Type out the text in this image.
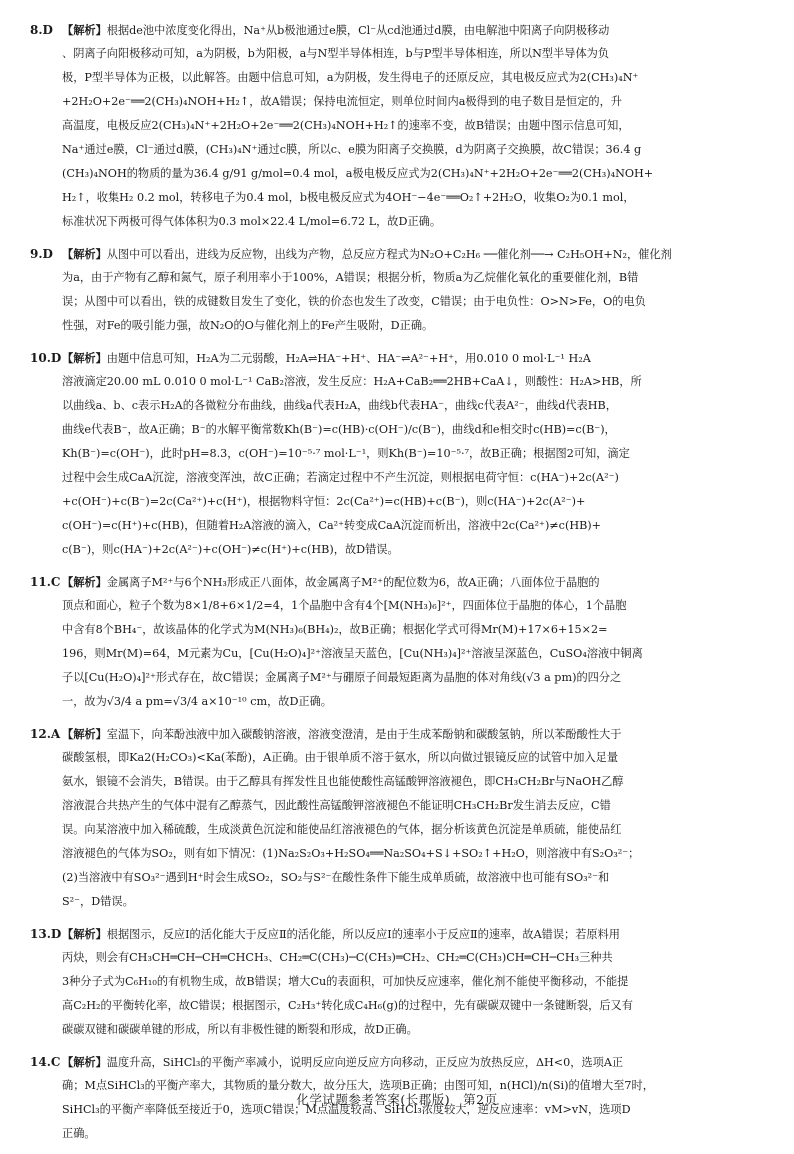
8.D 【解析】根据de池中浓度变化得出，Na⁺从b极池通过e膜，Cl⁻从cd池通过d膜，由电解池中阳离子向阴极移动
、阴离子向阳极移动可知，a为阴极，b为阳极，a与N型半导体相连，b与P型半导体相连，所以N型半导体为负
极，P型半导体为正极，以此解答。由题中信息可知，a为阴极，发生得电子的还原反应，其电极反应式为2(CH₃)₄N⁺
+2H₂O+2e⁻══2(CH₃)₄NOH+H₂↑，故A错误；保持电流恒定，则单位时间内a极得到的电子数目是恒定的，升
高温度，电极反应2(CH₃)₄N⁺+2H₂O+2e⁻══2(CH₃)₄NOH+H₂↑的速率不变，故B错误；由题中图示信息可知，
Na⁺通过e膜，Cl⁻通过d膜，(CH₃)₄N⁺通过c膜，所以c、e膜为阳离子交换膜，d为阴离子交换膜，故C错误；36.4 g
(CH₃)₄NOH的物质的量为36.4 g/91 g/mol=0.4 mol，a极电极反应式为2(CH₃)₄N⁺+2H₂O+2e⁻══2(CH₃)₄NOH+
H₂↑，收集H₂ 0.2 mol，转移电子为0.4 mol，b极电极反应式为4OH⁻−4e⁻══O₂↑+2H₂O，收集O₂为0.1 mol，
标准状况下两极可得气体体积为0.3 mol×22.4 L/mol=6.72 L，故D正确。
9.D 【解析】从图中可以看出，进线为反应物，出线为产物，总反应方程式为N₂O+C₂H₆ ──催化剂──→ C₂H₅OH+N₂，催化剂
为a，由于产物有乙醇和氮气，原子利用率小于100%，A错误；根据分析，物质a为乙烷催化氧化的重要催化剂，B错
误；从图中可以看出，铁的成键数目发生了变化，铁的价态也发生了改变，C错误；由于电负性：O>N>Fe，O的电负
性强，对Fe的吸引能力强，故N₂O的O与催化剂上的Fe产生吸附，D正确。
10.D【解析】由题中信息可知，H₂A为二元弱酸，H₂A⇌HA⁻+H⁺、HA⁻⇌A²⁻+H⁺，用0.010 0 mol·L⁻¹ H₂A
溶液滴定20.00 mL 0.010 0 mol·L⁻¹ CaB₂溶液，发生反应：H₂A+CaB₂══2HB+CaA↓，则酸性：H₂A>HB，所
以曲线a、b、c表示H₂A的各微粒分布曲线，曲线a代表H₂A，曲线b代表HA⁻，曲线c代表A²⁻，曲线d代表HB，
曲线e代表B⁻，故A正确；B⁻的水解平衡常数Kh(B⁻)=c(HB)·c(OH⁻)/c(B⁻)，曲线d和e相交时c(HB)=c(B⁻)，
Kh(B⁻)=c(OH⁻)，此时pH=8.3，c(OH⁻)=10⁻⁵·⁷ mol·L⁻¹，则Kh(B⁻)=10⁻⁵·⁷，故B正确；根据图2可知，滴定
过程中会生成CaA沉淀，溶液变浑浊，故C正确；若滴定过程中不产生沉淀，则根据电荷守恒：c(HA⁻)+2c(A²⁻)
+c(OH⁻)+c(B⁻)=2c(Ca²⁺)+c(H⁺)，根据物料守恒：2c(Ca²⁺)=c(HB)+c(B⁻)，则c(HA⁻)+2c(A²⁻)+
c(OH⁻)=c(H⁺)+c(HB)，但随着H₂A溶液的滴入，Ca²⁺转变成CaA沉淀而析出，溶液中2c(Ca²⁺)≠c(HB)+
c(B⁻)，则c(HA⁻)+2c(A²⁻)+c(OH⁻)≠c(H⁺)+c(HB)，故D错误。
11.C 【解析】金属离子M²⁺与6个NH₃形成正八面体，故金属离子M²⁺的配位数为6，故A正确；八面体位于晶胞的
顶点和面心，粒子个数为8×1/8+6×1/2=4，1个晶胞中含有4个[M(NH₃)₆]²⁺，四面体位于晶胞的体心，1个晶胞
中含有8个BH₄⁻，故该晶体的化学式为M(NH₃)₆(BH₄)₂，故B正确；根据化学式可得Mr(M)+17×6+15×2=
196，则Mr(M)=64，M元素为Cu，[Cu(H₂O)₄]²⁺溶液呈天蓝色，[Cu(NH₃)₄]²⁺溶液呈深蓝色，CuSO₄溶液中铜离
子以[Cu(H₂O)₄]²⁺形式存在，故C错误；金属离子M²⁺与硼原子间最短距离为晶胞的体对角线(√3 a pm)的四分之
一，故为√3/4 a pm=√3/4 a×10⁻¹⁰ cm，故D正确。
12.A 【解析】室温下，向苯酚浊液中加入碳酸钠溶液，溶液变澄清，是由于生成苯酚钠和碳酸氢钠，所以苯酚酸性大于
碳酸氢根，即Ka2(H₂CO₃)<Ka(苯酚)，A正确。由于银单质不溶于氨水，所以向做过银镜反应的试管中加入足量
氨水，银镜不会消失，B错误。由于乙醇具有挥发性且也能使酸性高锰酸钾溶液褪色，即CH₃CH₂Br与NaOH乙醇
溶液混合共热产生的气体中混有乙醇蒸气，因此酸性高锰酸钾溶液褪色不能证明CH₃CH₂Br发生消去反应，C错
误。向某溶液中加入稀硫酸，生成淡黄色沉淀和能使品红溶液褪色的气体，据分析该黄色沉淀是单质硫，能使品红
溶液褪色的气体为SO₂，则有如下情况：(1)Na₂S₂O₃+H₂SO₄══Na₂SO₄+S↓+SO₂↑+H₂O，则溶液中有S₂O₃²⁻；
(2)当溶液中有SO₃²⁻遇到H⁺时会生成SO₂，SO₂与S²⁻在酸性条件下能生成单质硫，故溶液中也可能有SO₃²⁻和
S²⁻，D错误。
13.D【解析】根据图示，反应Ⅰ的活化能大于反应Ⅱ的活化能，所以反应Ⅰ的速率小于反应Ⅱ的速率，故A错误；若原料用
丙炔，则会有CH₃CH═CH─CH═CHCH₃、CH₂═C(CH₃)─C(CH₃)═CH₂、CH₂═C(CH₃)CH═CH─CH₃三种共
3种分子式为C₆H₁₀的有机物生成，故B错误；增大Cu的表面积，可加快反应速率，催化剂不能使平衡移动，不能提
高C₂H₂的平衡转化率，故C错误；根据图示，C₂H₃⁺转化成C₄H₆(g)的过程中，先有碳碳双键中一条键断裂，后又有
碳碳双键和碳碳单键的形成，所以有非极性键的断裂和形成，故D正确。
14.C 【解析】温度升高，SiHCl₃的平衡产率减小，说明反应向逆反应方向移动，正反应为放热反应，ΔH<0，选项A正
确；M点SiHCl₃的平衡产率大，其物质的量分数大，故分压大，选项B正确；由图可知，n(HCl)/n(Si)的值增大至7时，
SiHCl₃的平衡产率降低至接近于0，选项C错误；M点温度较高、SiHCl₃浓度较大，逆反应速率：vM>vN，选项D
正确。
化学试题参考答案(长郡版)　第2页
